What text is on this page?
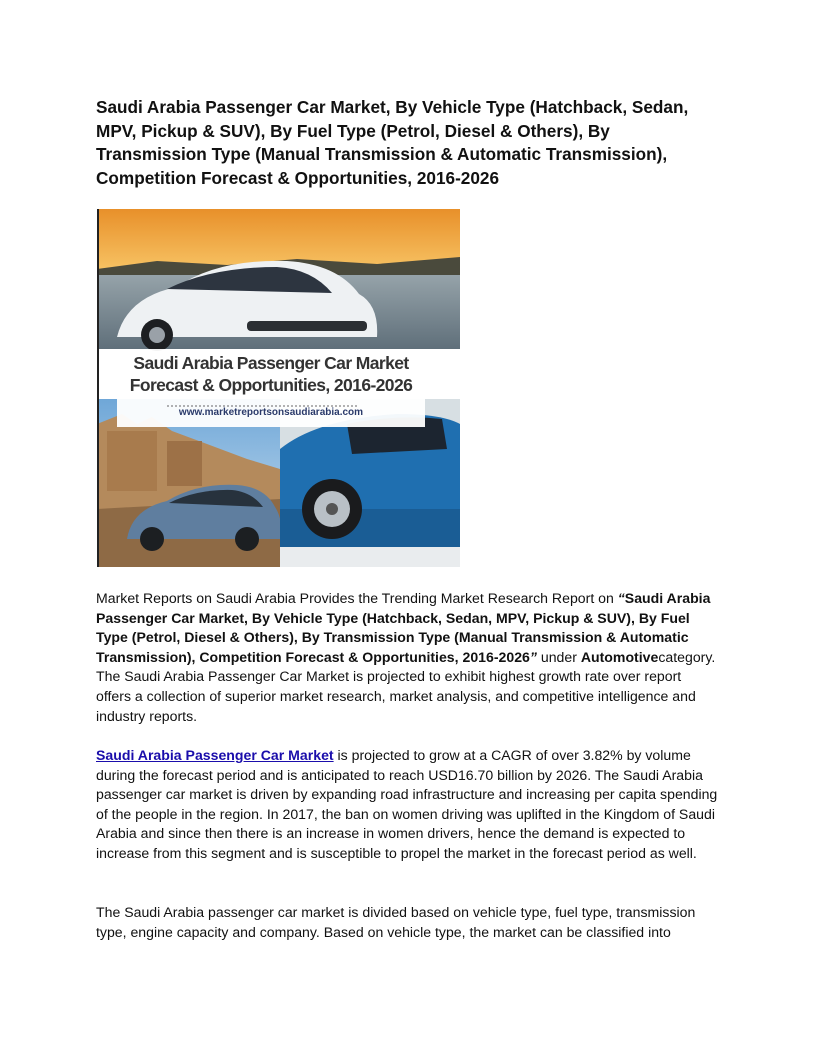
Saudi Arabia Passenger Car Market, By Vehicle Type (Hatchback, Sedan, MPV, Pickup & SUV), By Fuel Type (Petrol, Diesel & Others), By Transmission Type (Manual Transmission & Automatic Transmission), Competition Forecast & Opportunities, 2016-2026
Saudi Arabia Passenger Car Market
Forecast & Opportunities, 2016-2026
www.marketreportsonsaudiarabia.com

Market Reports on Saudi Arabia Provides the Trending Market Research Report on “Saudi Arabia Passenger Car Market, By Vehicle Type (Hatchback, Sedan, MPV, Pickup & SUV), By Fuel Type (Petrol, Diesel & Others), By Transmission Type (Manual Transmission & Automatic Transmission), Competition Forecast & Opportunities, 2016-2026” under Automotivecategory. The Saudi Arabia Passenger Car Market is projected to exhibit highest growth rate over report offers a collection of superior market research, market analysis, and competitive intelligence and industry reports.

Saudi Arabia Passenger Car Market is projected to grow at a CAGR of over 3.82% by volume during the forecast period and is anticipated to reach USD16.70 billion by 2026. The Saudi Arabia passenger car market is driven by expanding road infrastructure and increasing per capita spending of the people in the region. In 2017, the ban on women driving was uplifted in the Kingdom of Saudi Arabia and since then there is an increase in women drivers, hence the demand is expected to increase from this segment and is susceptible to propel the market in the forecast period as well.

The Saudi Arabia passenger car market is divided based on vehicle type, fuel type, transmission type, engine capacity and company. Based on vehicle type, the market can be classified into
